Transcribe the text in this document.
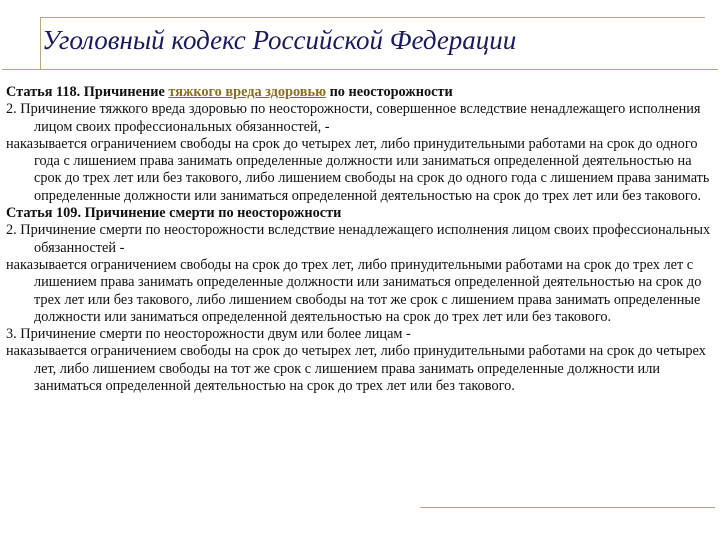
Уголовный кодекс Российской Федерации

Статья 118. Причинение тяжкого вреда здоровью по неосторожности

2. Причинение тяжкого вреда здоровью по неосторожности, совершенное вследствие ненадлежащего исполнения лицом своих профессиональных обязанностей, -

наказывается ограничением свободы на срок до четырех лет, либо принудительными работами на срок до одного года с лишением права занимать определенные должности или заниматься определенной деятельностью на срок до трех лет или без такового, либо лишением свободы на срок до одного года с лишением права занимать определенные должности или заниматься определенной деятельностью на срок до трех лет или без такового.

Статья 109. Причинение смерти по неосторожности

2. Причинение смерти по неосторожности вследствие ненадлежащего исполнения лицом своих профессиональных обязанностей -

наказывается ограничением свободы на срок до трех лет, либо принудительными работами на срок до трех лет с лишением права занимать определенные должности или заниматься определенной деятельностью на срок до трех лет или без такового, либо лишением свободы на тот же срок с лишением права занимать определенные должности или заниматься определенной деятельностью на срок до трех лет или без такового.

3. Причинение смерти по неосторожности двум или более лицам -

наказывается ограничением свободы на срок до четырех лет, либо принудительными работами на срок до четырех лет, либо лишением свободы на тот же срок с лишением права занимать определенные должности или заниматься определенной деятельностью на срок до трех лет или без такового.
